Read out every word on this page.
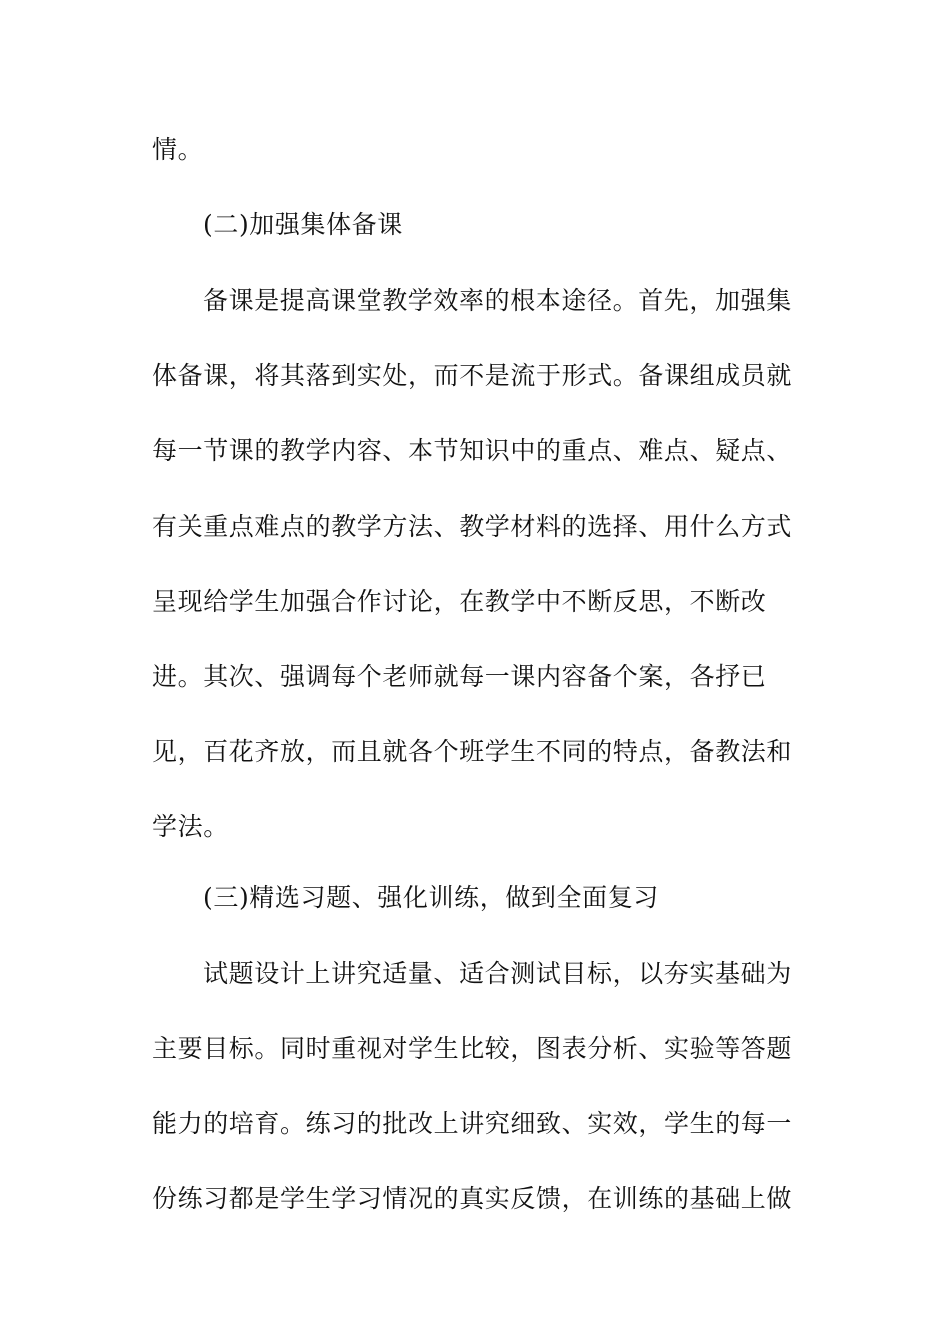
情。
(二)加强集体备课
备课是提高课堂教学效率的根本途径。首先，加强集
体备课，将其落到实处，而不是流于形式。备课组成员就
每一节课的教学内容、本节知识中的重点、难点、疑点、
有关重点难点的教学方法、教学材料的选择、用什么方式
呈现给学生加强合作讨论，在教学中不断反思，不断改
进。其次、强调每个老师就每一课内容备个案，各抒已
见，百花齐放，而且就各个班学生不同的特点，备教法和
学法。
(三)精选习题、强化训练，做到全面复习
试题设计上讲究适量、适合测试目标，以夯实基础为
主要目标。同时重视对学生比较，图表分析、实验等答题
能力的培育。练习的批改上讲究细致、实效，学生的每一
份练习都是学生学习情况的真实反馈，在训练的基础上做
